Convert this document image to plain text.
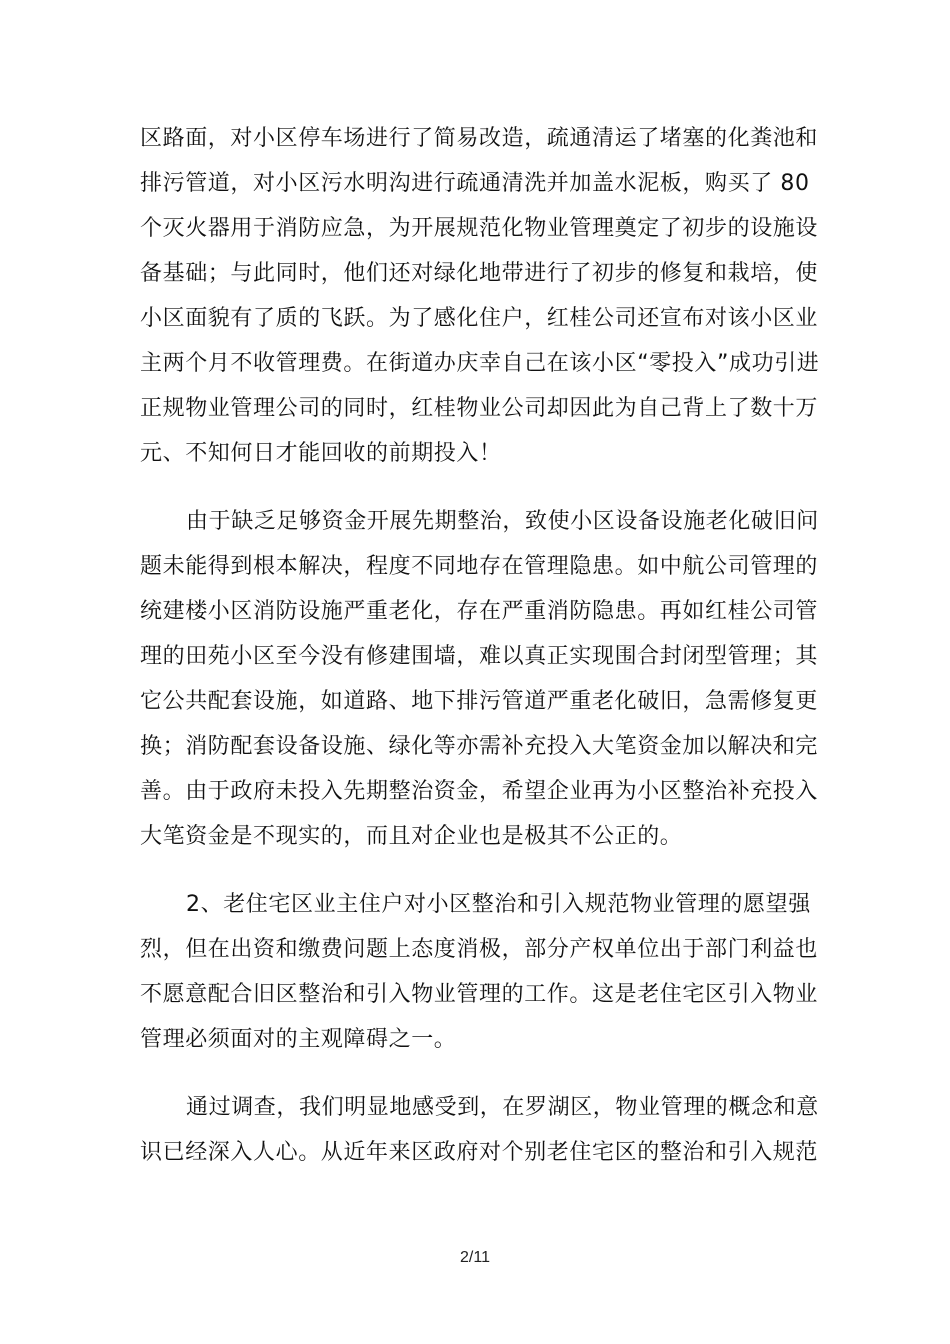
区路面，对小区停车场进行了简易改造，疏通清运了堵塞的化粪池和
排污管道，对小区污水明沟进行疏通清洗并加盖水泥板，购买了 80
个灭火器用于消防应急，为开展规范化物业管理奠定了初步的设施设
备基础；与此同时，他们还对绿化地带进行了初步的修复和栽培，使
小区面貌有了质的飞跃。为了感化住户，红桂公司还宣布对该小区业
主两个月不收管理费。在街道办庆幸自己在该小区“零投入”成功引进
正规物业管理公司的同时，红桂物业公司却因此为自己背上了数十万
元、不知何日才能回收的前期投入！
由于缺乏足够资金开展先期整治，致使小区设备设施老化破旧问
题未能得到根本解决，程度不同地存在管理隐患。如中航公司管理的
统建楼小区消防设施严重老化，存在严重消防隐患。再如红桂公司管
理的田苑小区至今没有修建围墙，难以真正实现围合封闭型管理；其
它公共配套设施，如道路、地下排污管道严重老化破旧，急需修复更
换；消防配套设备设施、绿化等亦需补充投入大笔资金加以解决和完
善。由于政府未投入先期整治资金，希望企业再为小区整治补充投入
大笔资金是不现实的，而且对企业也是极其不公正的。
2、老住宅区业主住户对小区整治和引入规范物业管理的愿望强
烈，但在出资和缴费问题上态度消极，部分产权单位出于部门利益也
不愿意配合旧区整治和引入物业管理的工作。这是老住宅区引入物业
管理必须面对的主观障碍之一。
通过调查，我们明显地感受到，在罗湖区，物业管理的概念和意
识已经深入人心。从近年来区政府对个别老住宅区的整治和引入规范
2/11
